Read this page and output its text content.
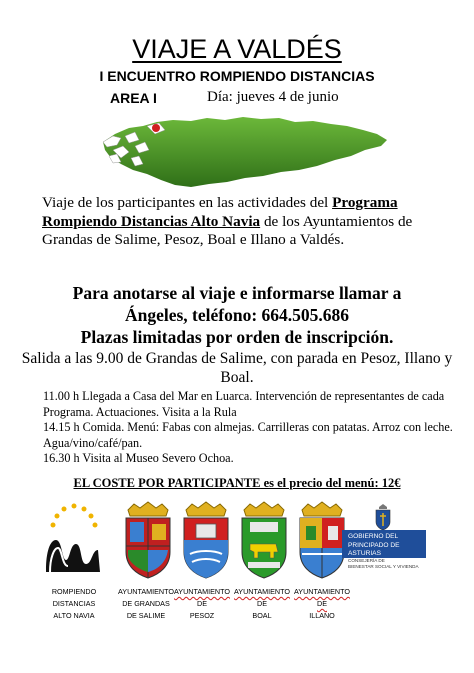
VIAJE A VALDÉS
I ENCUENTRO ROMPIENDO DISTANCIAS
AREA I	Día: jueves 4 de junio
Viaje de los participantes en las actividades del Programa Rompiendo Distancias Alto Navia de los Ayuntamientos de Grandas de Salime, Pesoz, Boal e Illano a Valdés.
Para anotarse al viaje e informarse llamar a
Ángeles, teléfono: 664.505.686
Plazas limitadas por orden de inscripción.
Salida a las 9.00 de Grandas de Salime, con parada en Pesoz, Illano y Boal.
11.00 h Llegada a Casa del Mar en Luarca. Intervención de representantes de cada Programa. Actuaciones. Visita a la Rula
14.15 h Comida. Menú: Fabas con almejas. Carrilleras con patatas. Arroz con leche. Agua/vino/café/pan.
16.30 h Visita al Museo Severo Ochoa.
EL COSTE POR PARTICIPANTE es el precio del menú: 12€
ROMPIENDO
DISTANCIAS
ALTO NAVIA
AYUNTAMIENTO
DE GRANDAS
DE SALIME
AYUNTAMIENTO
DE
PESOZ
AYUNTAMIENTO
DE
BOAL
AYUNTAMIENTO
DE
ILLANO
GOBIERNO DEL
PRINCIPADO DE ASTURIAS
CONSEJERÍA DE
BIENESTAR SOCIAL Y VIVIENDA
